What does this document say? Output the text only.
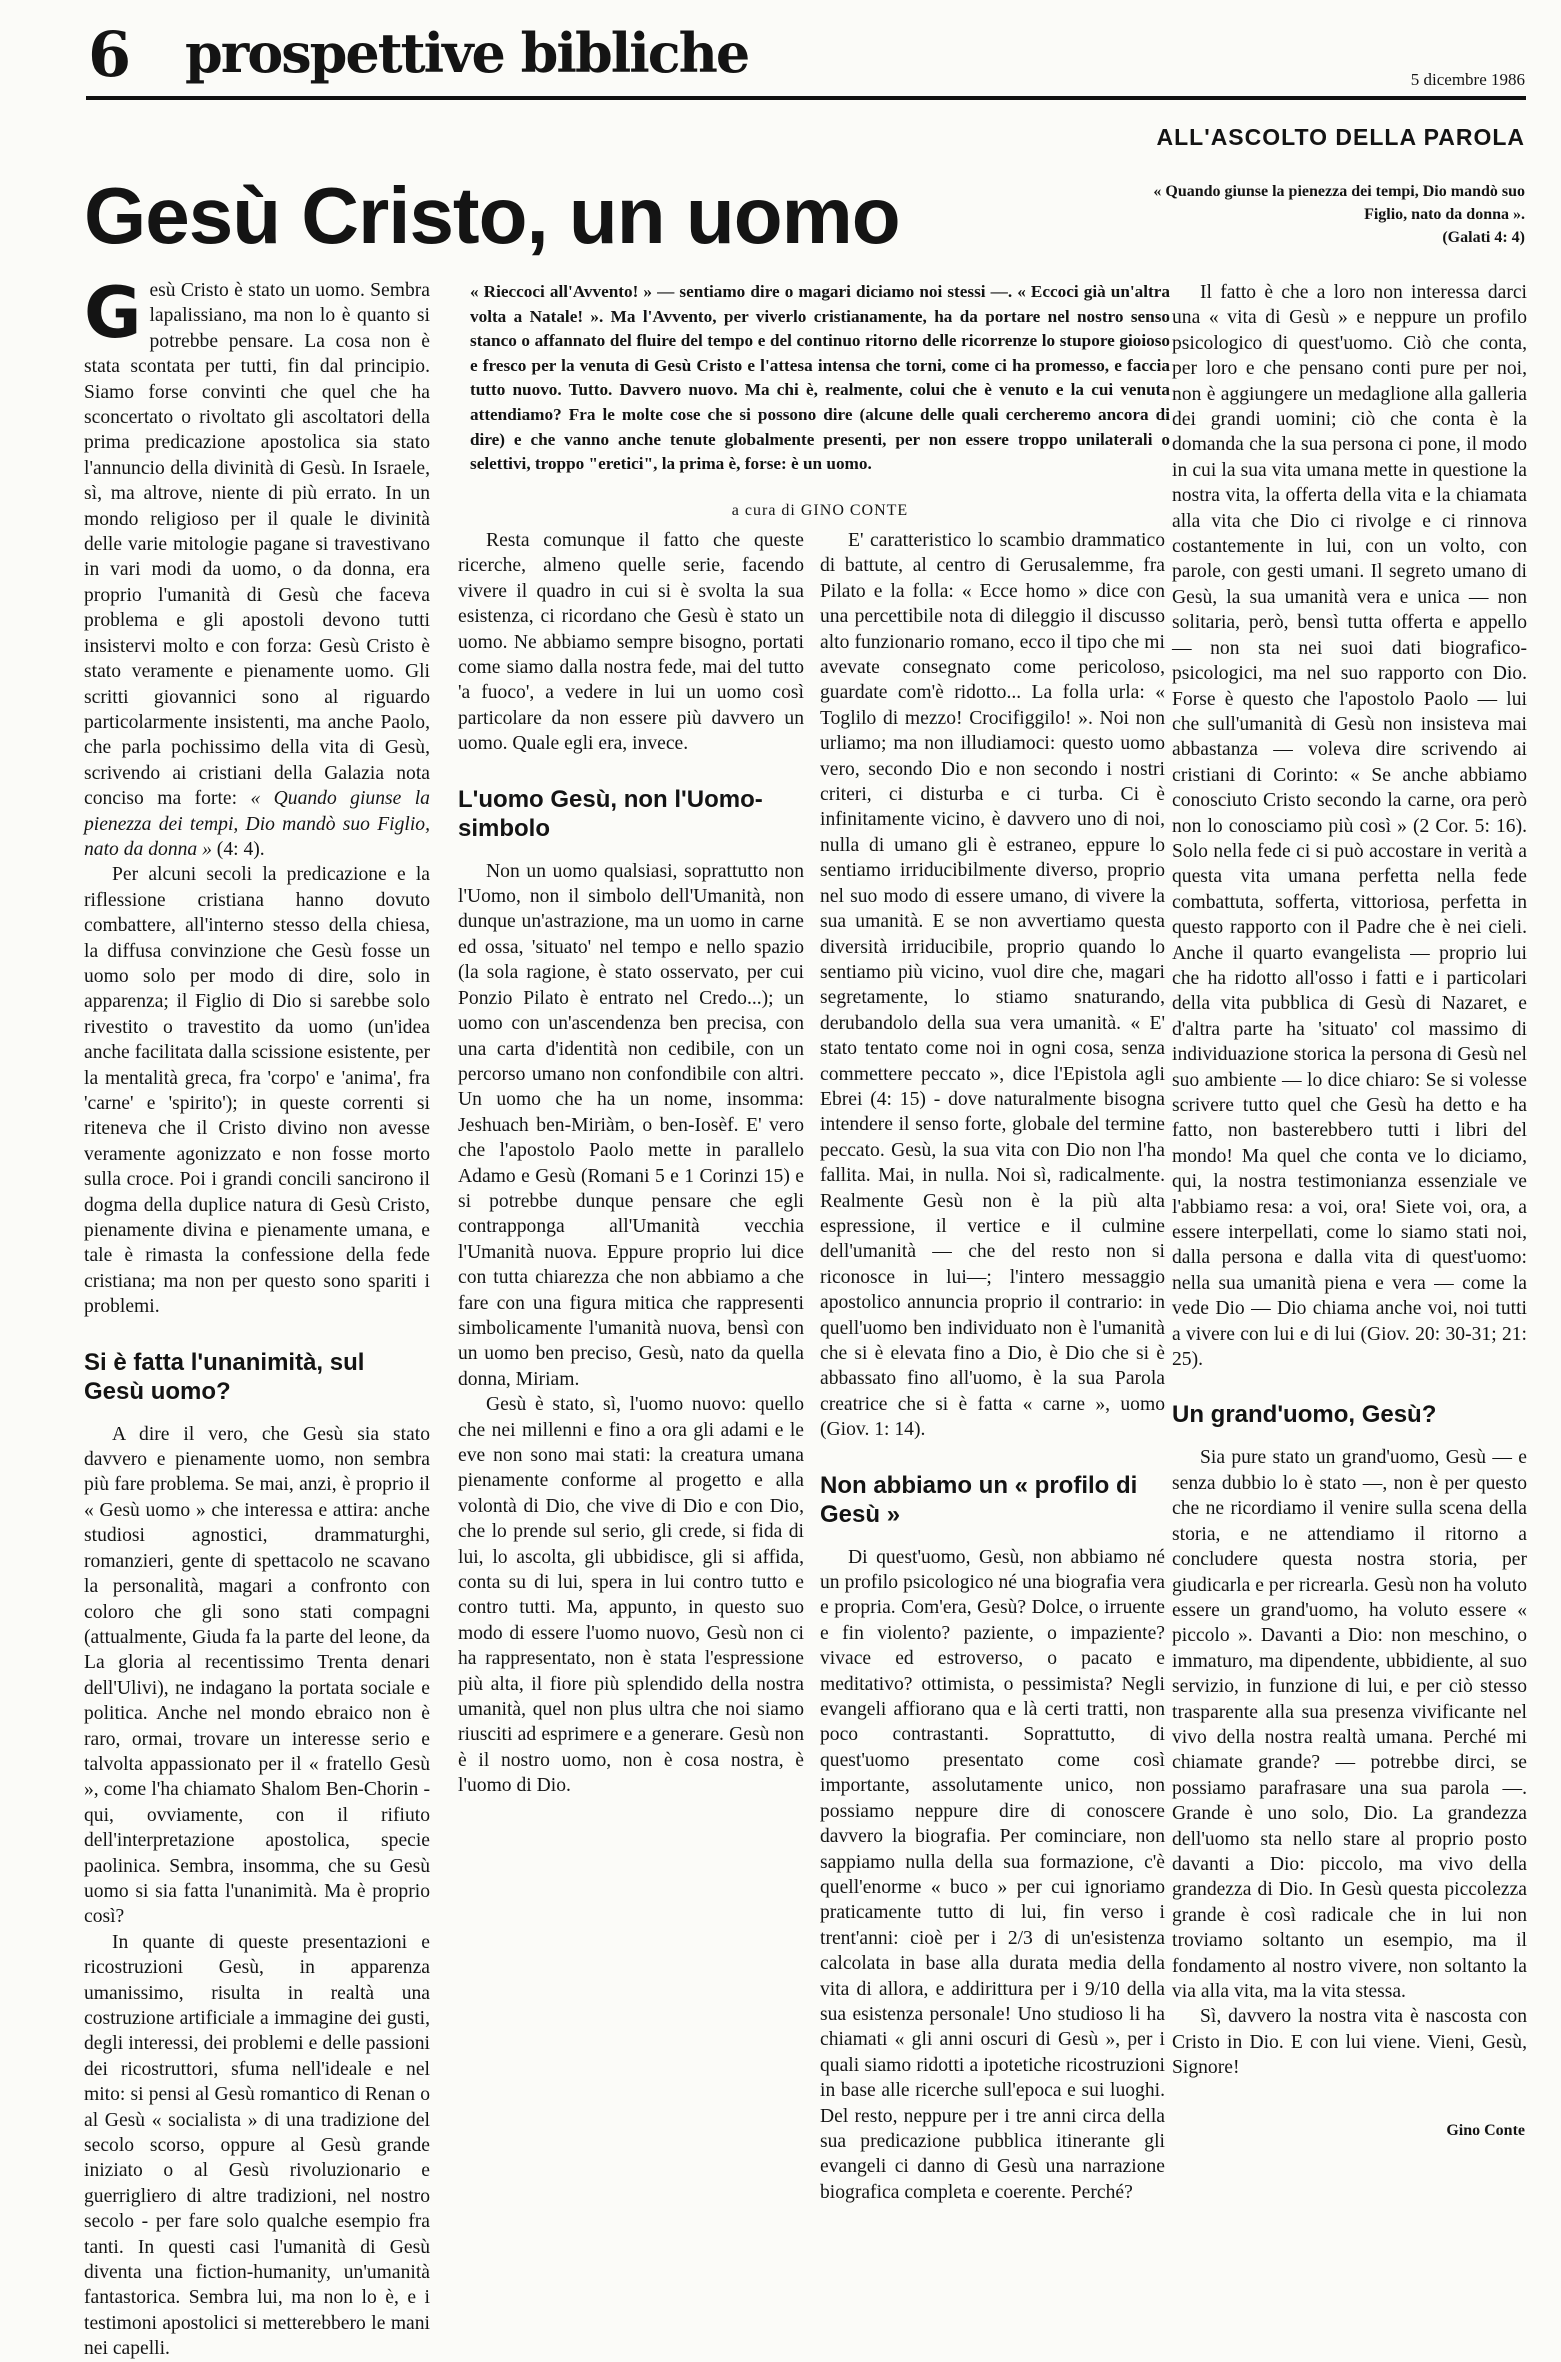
6 prospettive bibliche	5 dicembre 1986
ALL'ASCOLTO DELLA PAROLA
« Quando giunse la pienezza dei tempi, Dio mandò suo Figlio, nato da donna ».
(Galati 4: 4)
Gesù Cristo, un uomo
« Rieccoci all'Avvento! » — sentiamo dire o magari diciamo noi stessi —. « Eccoci già un'altra volta a Natale! ». Ma l'Avvento, per viverlo cristianamente, ha da portare nel nostro senso stanco o affannato del fluire del tempo e del continuo ritorno delle ricorrenze lo stupore gioioso e fresco per la venuta di Gesù Cristo e l'attesa intensa che torni, come ci ha promesso, e faccia tutto nuovo. Tutto. Davvero nuovo. Ma chi è, realmente, colui che è venuto e la cui venuta attendiamo? Fra le molte cose che si possono dire (alcune delle quali cercheremo ancora di dire) e che vanno anche tenute globalmente presenti, per non essere troppo unilaterali o selettivi, troppo "eretici", la prima è, forse: è un uomo.
a cura di GINO CONTE

Gesù Cristo è stato un uomo. Sembra lapalissiano, ma non lo è quanto si potrebbe pensare. La cosa non è stata scontata per tutti, fin dal principio. Siamo forse convinti che quel che ha sconcertato o rivoltato gli ascoltatori della prima predicazione apostolica sia stato l'annuncio della divinità di Gesù. In Israele, sì, ma altrove, niente di più errato. In un mondo religioso per il quale le divinità delle varie mitologie pagane si travestivano in vari modi da uomo, o da donna, era proprio l'umanità di Gesù che faceva problema e gli apostoli devono tutti insistervi molto e con forza: Gesù Cristo è stato veramente e pienamente uomo. Gli scritti giovannici sono al riguardo particolarmente insistenti, ma anche Paolo, che parla pochissimo della vita di Gesù, scrivendo ai cristiani della Galazia nota conciso ma forte: « Quando giunse la pienezza dei tempi, Dio mandò suo Figlio, nato da donna » (4: 4).

Per alcuni secoli la predicazione e la riflessione cristiana hanno dovuto combattere, all'interno stesso della chiesa, la diffusa convinzione che Gesù fosse un uomo solo per modo di dire, solo in apparenza; il Figlio di Dio si sarebbe solo rivestito o travestito da uomo (un'idea anche facilitata dalla scissione esistente, per la mentalità greca, fra 'corpo' e 'anima', fra 'carne' e 'spirito'); in queste correnti si riteneva che il Cristo divino non avesse veramente agonizzato e non fosse morto sulla croce. Poi i grandi concili sancirono il dogma della duplice natura di Gesù Cristo, pienamente divina e pienamente umana, e tale è rimasta la confessione della fede cristiana; ma non per questo sono spariti i problemi.

Si è fatta l'unanimità, sul Gesù uomo?

A dire il vero, che Gesù sia stato davvero e pienamente uomo, non sembra più fare problema. Se mai, anzi, è proprio il « Gesù uomo » che interessa e attira: anche studiosi agnostici, drammaturghi, romanzieri, gente di spettacolo ne scavano la personalità, magari a confronto con coloro che gli sono stati compagni (attualmente, Giuda fa la parte del leone, da La gloria al recentissimo Trenta denari dell'Ulivi), ne indagano la portata sociale e politica. Anche nel mondo ebraico non è raro, ormai, trovare un interesse serio e talvolta appassionato per il « fratello Gesù », come l'ha chiamato Shalom Ben-Chorin - qui, ovviamente, con il rifiuto dell'interpretazione apostolica, specie paolinica. Sembra, insomma, che su Gesù uomo si sia fatta l'unanimità. Ma è proprio così?

In quante di queste presentazioni e ricostruzioni Gesù, in apparenza umanissimo, risulta in realtà una costruzione artificiale a immagine dei gusti, degli interessi, dei problemi e delle passioni dei ricostruttori, sfuma nell'ideale e nel mito: si pensi al Gesù romantico di Renan o al Gesù « socialista » di una tradizione del secolo scorso, oppure al Gesù grande iniziato o al Gesù rivoluzionario e guerrigliero di altre tradizioni, nel nostro secolo - per fare solo qualche esempio fra tanti. In questi casi l'umanità di Gesù diventa una fiction-humanity, un'umanità fantastorica. Sembra lui, ma non lo è, e i testimoni apostolici si metterebbero le mani nei capelli.

Resta comunque il fatto che queste ricerche, almeno quelle serie, facendo vivere il quadro in cui si è svolta la sua esistenza, ci ricordano che Gesù è stato un uomo. Ne abbiamo sempre bisogno, portati come siamo dalla nostra fede, mai del tutto 'a fuoco', a vedere in lui un uomo così particolare da non essere più davvero un uomo. Quale egli era, invece.

L'uomo Gesù, non l'Uomo-simbolo

Non un uomo qualsiasi, soprattutto non l'Uomo, non il simbolo dell'Umanità, non dunque un'astrazione, ma un uomo in carne ed ossa, 'situato' nel tempo e nello spazio (la sola ragione, è stato osservato, per cui Ponzio Pilato è entrato nel Credo...); un uomo con un'ascendenza ben precisa, con una carta d'identità non cedibile, con un percorso umano non confondibile con altri. Un uomo che ha un nome, insomma: Jeshuach ben-Miriàm, o ben-Iosèf. E' vero che l'apostolo Paolo mette in parallelo Adamo e Gesù (Romani 5 e 1 Corinzi 15) e si potrebbe dunque pensare che egli contrapponga all'Umanità vecchia l'Umanità nuova. Eppure proprio lui dice con tutta chiarezza che non abbiamo a che fare con una figura mitica che rappresenti simbolicamente l'umanità nuova, bensì con un uomo ben preciso, Gesù, nato da quella donna, Miriam.

Gesù è stato, sì, l'uomo nuovo: quello che nei millenni e fino a ora gli adami e le eve non sono mai stati: la creatura umana pienamente conforme al progetto e alla volontà di Dio, che vive di Dio e con Dio, che lo prende sul serio, gli crede, si fida di lui, lo ascolta, gli ubbidisce, gli si affida, conta su di lui, spera in lui contro tutto e contro tutti. Ma, appunto, in questo suo modo di essere l'uomo nuovo, Gesù non ci ha rappresentato, non è stata l'espressione più alta, il fiore più splendido della nostra umanità, quel non plus ultra che noi siamo riusciti ad esprimere e a generare. Gesù non è il nostro uomo, non è cosa nostra, è l'uomo di Dio.

E' caratteristico lo scambio drammatico di battute, al centro di Gerusalemme, fra Pilato e la folla: « Ecce homo » dice con una percettibile nota di dileggio il discusso alto funzionario romano, ecco il tipo che mi avevate consegnato come pericoloso, guardate com'è ridotto... La folla urla: « Toglilo di mezzo! Crocifiggilo! ». Noi non urliamo; ma non illudiamoci: questo uomo vero, secondo Dio e non secondo i nostri criteri, ci disturba e ci turba. Ci è infinitamente vicino, è davvero uno di noi, nulla di umano gli è estraneo, eppure lo sentiamo irriducibilmente diverso, proprio nel suo modo di essere umano, di vivere la sua umanità. E se non avvertiamo questa diversità irriducibile, proprio quando lo sentiamo più vicino, vuol dire che, magari segretamente, lo stiamo snaturando, derubandolo della sua vera umanità. « E' stato tentato come noi in ogni cosa, senza commettere peccato », dice l'Epistola agli Ebrei (4: 15) - dove naturalmente bisogna intendere il senso forte, globale del termine peccato. Gesù, la sua vita con Dio non l'ha fallita. Mai, in nulla. Noi sì, radicalmente. Realmente Gesù non è la più alta espressione, il vertice e il culmine dell'umanità — che del resto non si riconosce in lui—; l'intero messaggio apostolico annuncia proprio il contrario: in quell'uomo ben individuato non è l'umanità che si è elevata fino a Dio, è Dio che si è abbassato fino all'uomo, è la sua Parola creatrice che si è fatta « carne », uomo (Giov. 1: 14).

Non abbiamo un « profilo di Gesù »

Di quest'uomo, Gesù, non abbiamo né un profilo psicologico né una biografia vera e propria. Com'era, Gesù? Dolce, o irruente e fin violento? paziente, o impaziente? vivace ed estroverso, o pacato e meditativo? ottimista, o pessimista? Negli evangeli affiorano qua e là certi tratti, non poco contrastanti. Soprattutto, di quest'uomo presentato come così importante, assolutamente unico, non possiamo neppure dire di conoscere davvero la biografia. Per cominciare, non sappiamo nulla della sua formazione, c'è quell'enorme « buco » per cui ignoriamo praticamente tutto di lui, fin verso i trent'anni: cioè per i 2/3 di un'esistenza calcolata in base alla durata media della vita di allora, e addirittura per i 9/10 della sua esistenza personale! Uno studioso li ha chiamati « gli anni oscuri di Gesù », per i quali siamo ridotti a ipotetiche ricostruzioni in base alle ricerche sull'epoca e sui luoghi. Del resto, neppure per i tre anni circa della sua predicazione pubblica itinerante gli evangeli ci danno di Gesù una narrazione biografica completa e coerente. Perché?

Il fatto è che a loro non interessa darci una « vita di Gesù » e neppure un profilo psicologico di quest'uomo. Ciò che conta, per loro e che pensano conti pure per noi, non è aggiungere un medaglione alla galleria dei grandi uomini; ciò che conta è la domanda che la sua persona ci pone, il modo in cui la sua vita umana mette in questione la nostra vita, la offerta della vita e la chiamata alla vita che Dio ci rivolge e ci rinnova costantemente in lui, con un volto, con parole, con gesti umani. Il segreto umano di Gesù, la sua umanità vera e unica — non solitaria, però, bensì tutta offerta e appello — non sta nei suoi dati biografico-psicologici, ma nel suo rapporto con Dio. Forse è questo che l'apostolo Paolo — lui che sull'umanità di Gesù non insisteva mai abbastanza — voleva dire scrivendo ai cristiani di Corinto: « Se anche abbiamo conosciuto Cristo secondo la carne, ora però non lo conosciamo più così » (2 Cor. 5: 16). Solo nella fede ci si può accostare in verità a questa vita umana perfetta nella fede combattuta, sofferta, vittoriosa, perfetta in questo rapporto con il Padre che è nei cieli. Anche il quarto evangelista — proprio lui che ha ridotto all'osso i fatti e i particolari della vita pubblica di Gesù di Nazaret, e d'altra parte ha 'situato' col massimo di individuazione storica la persona di Gesù nel suo ambiente — lo dice chiaro: Se si volesse scrivere tutto quel che Gesù ha detto e ha fatto, non basterebbero tutti i libri del mondo! Ma quel che conta ve lo diciamo, qui, la nostra testimonianza essenziale ve l'abbiamo resa: a voi, ora! Siete voi, ora, a essere interpellati, come lo siamo stati noi, dalla persona e dalla vita di quest'uomo: nella sua umanità piena e vera — come la vede Dio — Dio chiama anche voi, noi tutti a vivere con lui e di lui (Giov. 20: 30-31; 21: 25).

Un grand'uomo, Gesù?

Sia pure stato un grand'uomo, Gesù — e senza dubbio lo è stato —, non è per questo che ne ricordiamo il venire sulla scena della storia, e ne attendiamo il ritorno a concludere questa nostra storia, per giudicarla e per ricrearla. Gesù non ha voluto essere un grand'uomo, ha voluto essere « piccolo ». Davanti a Dio: non meschino, o immaturo, ma dipendente, ubbidiente, al suo servizio, in funzione di lui, e per ciò stesso trasparente alla sua presenza vivificante nel vivo della nostra realtà umana. Perché mi chiamate grande? — potrebbe dirci, se possiamo parafrasare una sua parola —. Grande è uno solo, Dio. La grandezza dell'uomo sta nello stare al proprio posto davanti a Dio: piccolo, ma vivo della grandezza di Dio. In Gesù questa piccolezza grande è così radicale che in lui non troviamo soltanto un esempio, ma il fondamento al nostro vivere, non soltanto la via alla vita, ma la vita stessa.

Sì, davvero la nostra vita è nascosta con Cristo in Dio. E con lui viene. Vieni, Gesù, Signore!

Gino Conte
